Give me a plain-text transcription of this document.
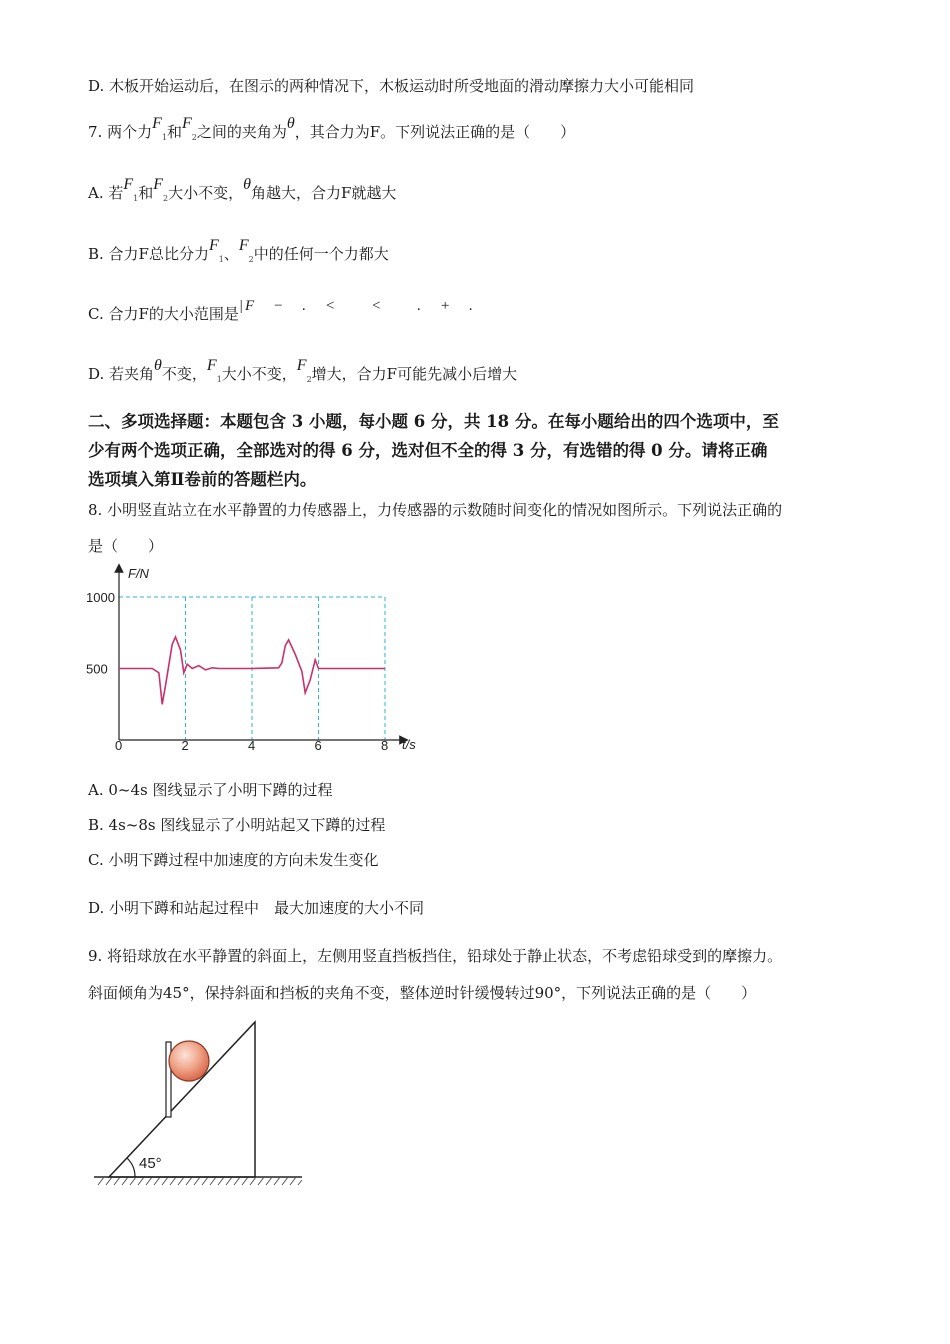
D. 木板开始运动后，在图示的两种情况下，木板运动时所受地面的滑动摩擦力大小可能相同
7. 两个力$F_1$和$F_2$之间的夹角为θ，其合力为F。下列说法正确的是（　　）
A. 若$F_1$和$F_2$大小不变，θ角越大，合力F就越大
B. 合力F总比分力$F_1$、$F_2$中的任何一个力都大
C. 合力F的大小范围是|F　−　.　<　　<　　.　+　.
D. 若夹角θ不变，$F_1$大小不变，$F_2$增大，合力F可能先减小后增大
二、多项选择题：本题包含 3 小题，每小题 6 分，共 18 分。在每小题给出的四个选项中，至
少有两个选项正确，全部选对的得 6 分，选对但不全的得 3 分，有选错的得 0 分。请将正确
选项填入第Ⅱ卷前的答题栏内。
8. 小明竖直站立在水平静置的力传感器上，力传感器的示数随时间变化的情况如图所示。下列说法正确的
是（　　）
F/N
t/s
0	2	4	6	8
500
1000
A. 0~4s 图线显示了小明下蹲的过程
B. 4s~8s 图线显示了小明站起又下蹲的过程
C. 小明下蹲过程中加速度的方向未发生变化
D. 小明下蹲和站起过程中　最大加速度的大小不同
9. 将铅球放在水平静置的斜面上，左侧用竖直挡板挡住，铅球处于静止状态，不考虑铅球受到的摩擦力。
斜面倾角为45°，保持斜面和挡板的夹角不变，整体逆时针缓慢转过90°，下列说法正确的是（　　）
45°
